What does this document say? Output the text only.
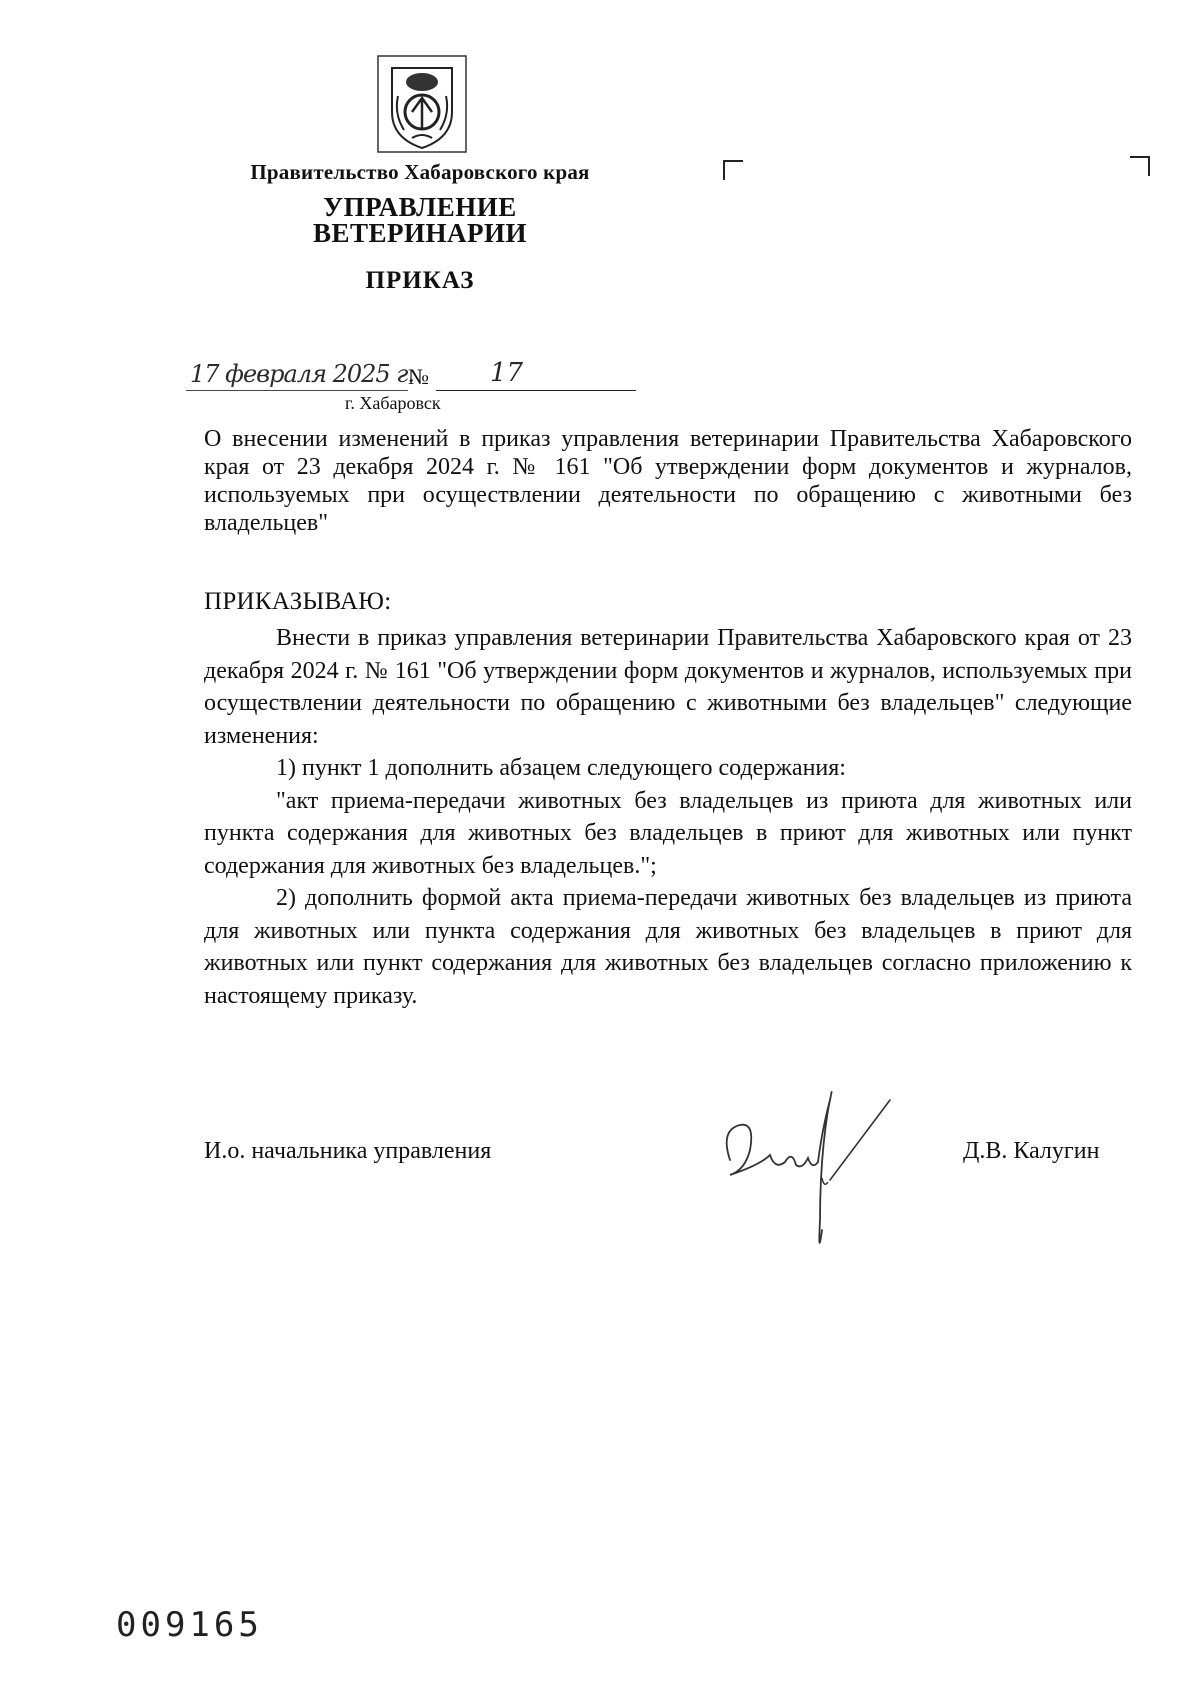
Правительство Хабаровского края
УПРАВЛЕНИЕ
ВЕТЕРИНАРИИ
ПРИКАЗ
17 февраля 2025 г.
№ 17
г. Хабаровск
О внесении изменений в приказ управления ветеринарии Правительства Хабаровского края от 23 декабря 2024 г. № 161 "Об утверждении форм документов и журналов, используемых при осуществлении деятельности по обращению с животными без владельцев"
ПРИКАЗЫВАЮ:

Внести в приказ управления ветеринарии Правительства Хабаровского края от 23 декабря 2024 г. № 161 "Об утверждении форм документов и журналов, используемых при осуществлении деятельности по обращению с животными без владельцев" следующие изменения:

1) пункт 1 дополнить абзацем следующего содержания:

"акт приема-передачи животных без владельцев из приюта для животных или пункта содержания для животных без владельцев в приют для животных или пункт содержания для животных без владельцев.";

2) дополнить формой акта приема-передачи животных без владельцев из приюта для животных или пункта содержания для животных без владельцев в приют для животных или пункт содержания для животных без владельцев согласно приложению к настоящему приказу.

И.о. начальника управления	Д.В. Калугин
009165
